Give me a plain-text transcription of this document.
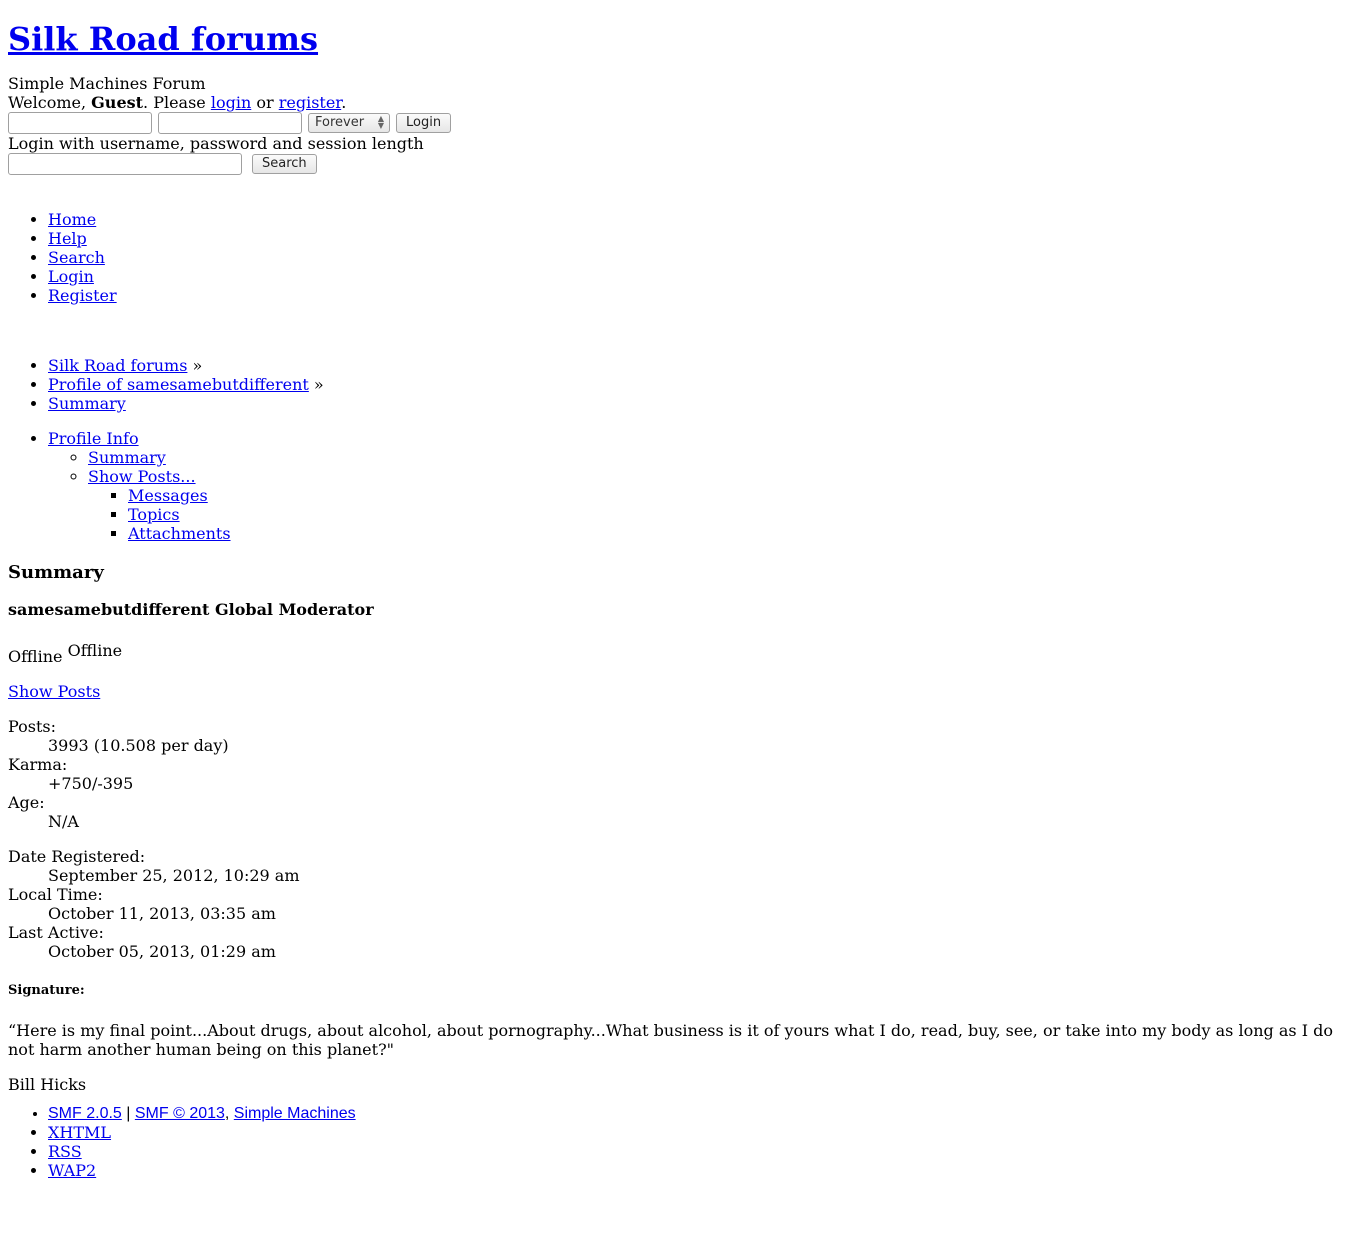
Silk Road forums
Simple Machines Forum
Welcome, Guest. Please login or register.
Forever ▲
▼	Login
Login with username, password and session length
Search
• Home
• Help
• Search
• Login
• Register
• Silk Road forums »
• Profile of samesamebutdifferent »
• Summary
• Profile Info
◦ Summary
◦ Show Posts...
▪ Messages
▪ Topics
▪ Attachments
Summary
samesamebutdifferent Global Moderator

Offline $^{Offline}$

Show Posts

Posts:
3993 (10.508 per day)
Karma:
+750/-395
Age:
N/A
Date Registered:
September 25, 2012, 10:29 am
Local Time:
October 11, 2013, 03:35 am
Last Active:
October 05, 2013, 01:29 am
Signature:

“Here is my final point...About drugs, about alcohol, about pornography...What business is it of yours what I do, read, buy, see, or take into my body as long as I do not harm another human being on this planet?"

Bill Hicks

• SMF 2.0.5 | SMF © 2013, Simple Machines
• XHTML
• RSS
• WAP2
